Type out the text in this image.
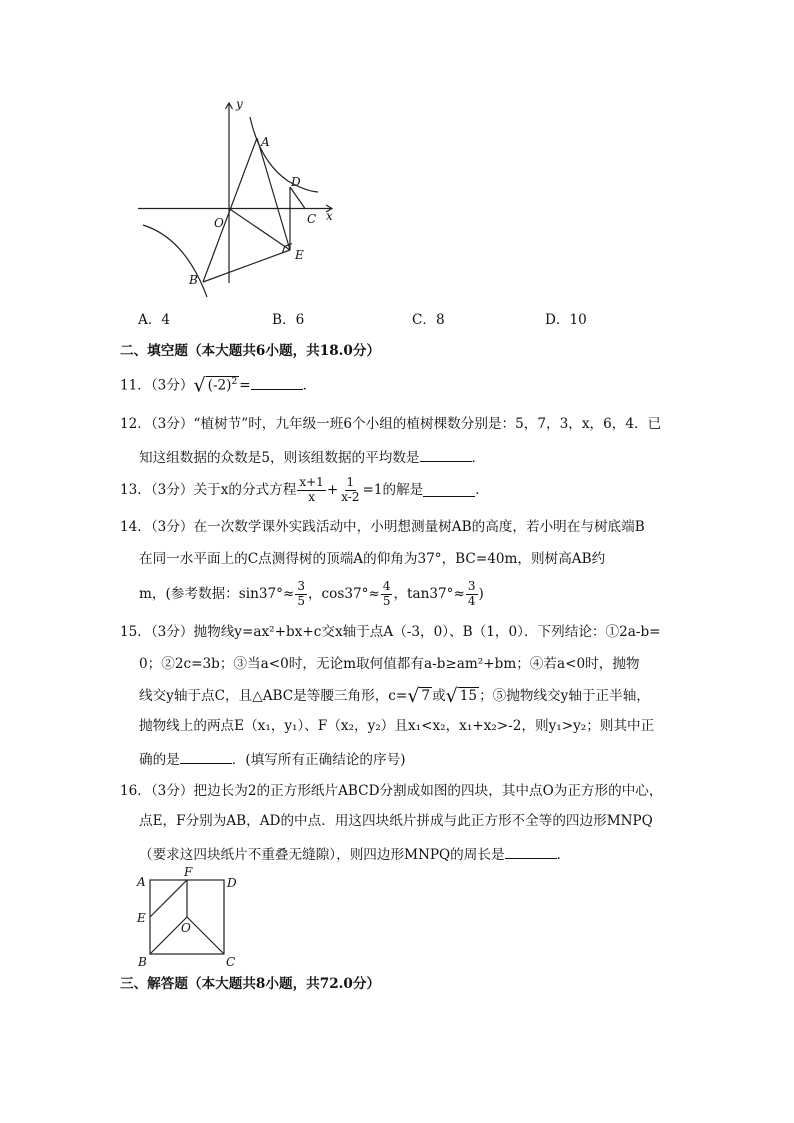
y
x
O
A
D
C
E
B
A．4	B．6	C．8	D．10
二、填空题（本大题共6小题，共18.0分）
11．（3分）√ $(-2)^2$ =	．
12．（3分）“植树节”时，九年级一班6个小组的植树棵数分别是：5，7，3，x，6，4．已
知这组数据的众数是5，则该组数据的平均数是	．
13．（3分）关于x的分式方程 $\frac{x+1}{x} + \frac{1}{x-2} =1$的解是	．
14．（3分）在一次数学课外实践活动中，小明想测量树AB的高度，若小明在与树底端B
在同一水平面上的C点测得树的顶端A的仰角为37°，BC=40m，则树高AB约
m，(参考数据：$\sin 37^\circ\approx \frac{3}{5}$ ，$\cos 37^\circ\approx \frac{4}{5}$ ，$\tan 37^\circ\approx \frac{3}{4}$ )
15．（3分）抛物线y=ax²+bx+c交x轴于点A（-3，0）、B（1，0）．下列结论：①2a-b=
0；②2c=3b；③当a<0时，无论m取何值都有a-b≥am²+bm；④若a<0时，抛物
线交y轴于点C，且△ABC是等腰三角形，c=√ 7 或√ 15 ；⑤抛物线交y轴于正半轴，
抛物线上的两点E（x₁，y₁）、F（x₂，y₂）且x₁<x₂，x₁+x₂>-2，则y₁>y₂；则其中正
确的是	．(填写所有正确结论的序号)
16．（3分）把边长为2的正方形纸片ABCD分割成如图的四块，其中点O为正方形的中心，
点E，F分别为AB，AD的中点．用这四块纸片拼成与此正方形不全等的四边形MNPQ
（要求这四块纸片不重叠无缝隙），则四边形MNPQ的周长是	．
A
F
D
E
O
B	C
三、解答题（本大题共8小题，共72.0分）
